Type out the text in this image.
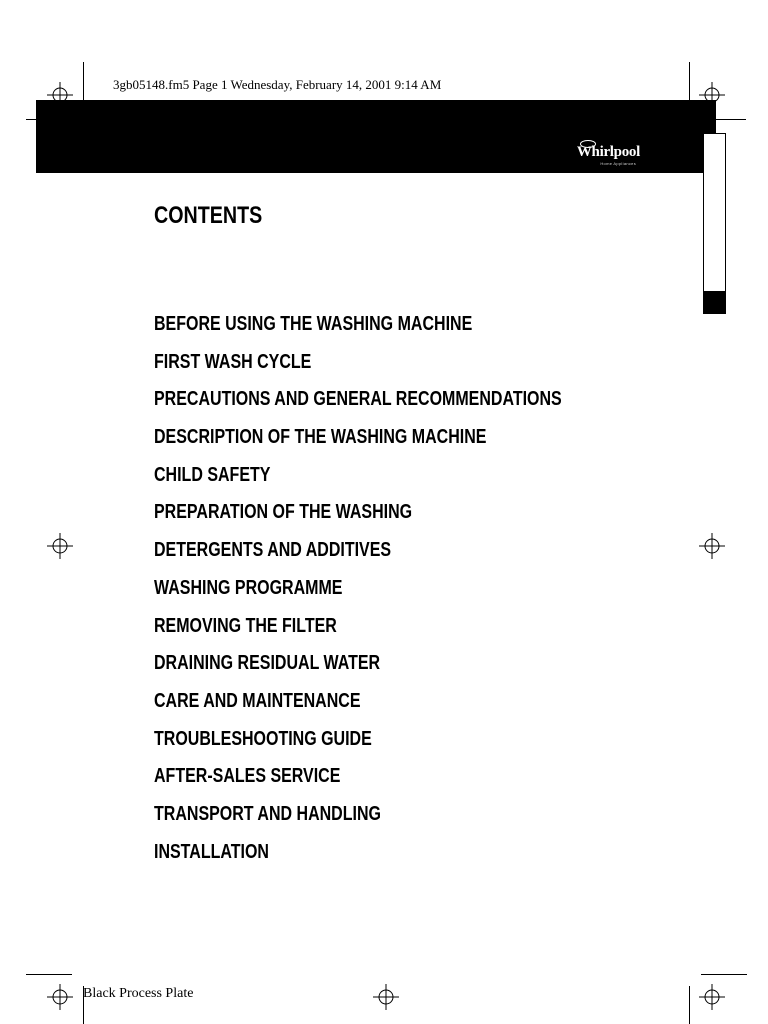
3gb05148.fm5 Page 1 Wednesday, February 14, 2001 9:14 AM
Whirlpool
Home Appliances
CONTENTS
BEFORE USING THE WASHING MACHINE
FIRST WASH CYCLE
PRECAUTIONS AND GENERAL RECOMMENDATIONS
DESCRIPTION OF THE WASHING MACHINE
CHILD SAFETY
PREPARATION OF THE WASHING
DETERGENTS AND ADDITIVES
WASHING PROGRAMME
REMOVING THE FILTER
DRAINING RESIDUAL WATER
CARE AND MAINTENANCE
TROUBLESHOOTING GUIDE
AFTER-SALES SERVICE
TRANSPORT AND HANDLING
INSTALLATION
Black Process Plate
